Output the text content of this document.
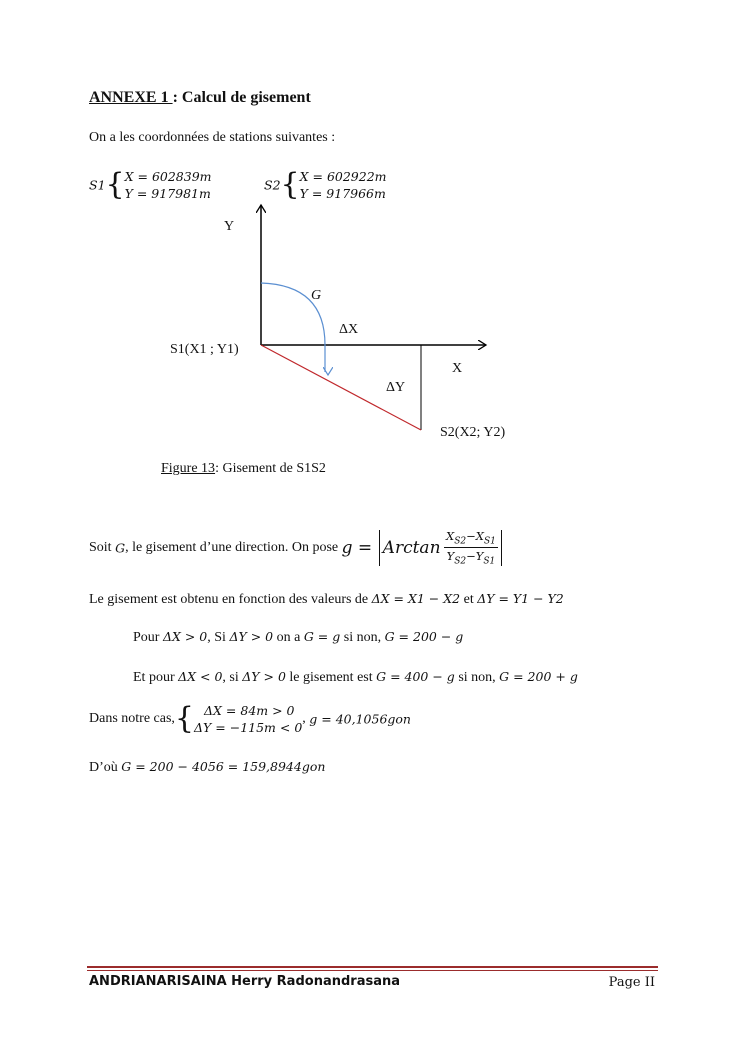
ANNEXE 1 : Calcul de gisement
On a les coordonnées de stations suivantes :
S1{ X = 602839m
Y = 917981m
S2{ X = 602922m
Y = 917966m
Y
G
ΔX
S1(X1 ; Y1)
X
ΔY
S2(X2; Y2)
Figure 13: Gisement de S1S2
Soit G, le gisement d’une direction. On pose g = Arctan $\frac{X_{S2}-X_{S1}}{Y_{S2}-Y_{S1}}$
Le gisement est obtenu en fonction des valeurs de ΔX = X1 − X2 et ΔY = Y1 − Y2
Pour ΔX > 0, Si ΔY > 0 on a G = g si non, G = 200 − g
Et pour ΔX < 0, si ΔY > 0 le gisement est G = 400 − g si non, G = 200 + g
Dans notre cas,{ ΔX = 84m > 0
ΔY = −115m < 0
, g = 40,1056gon
D’où G = 200 − 4056 = 159,8944gon
ANDRIANARISAINA Herry Radonandrasana	Page II
